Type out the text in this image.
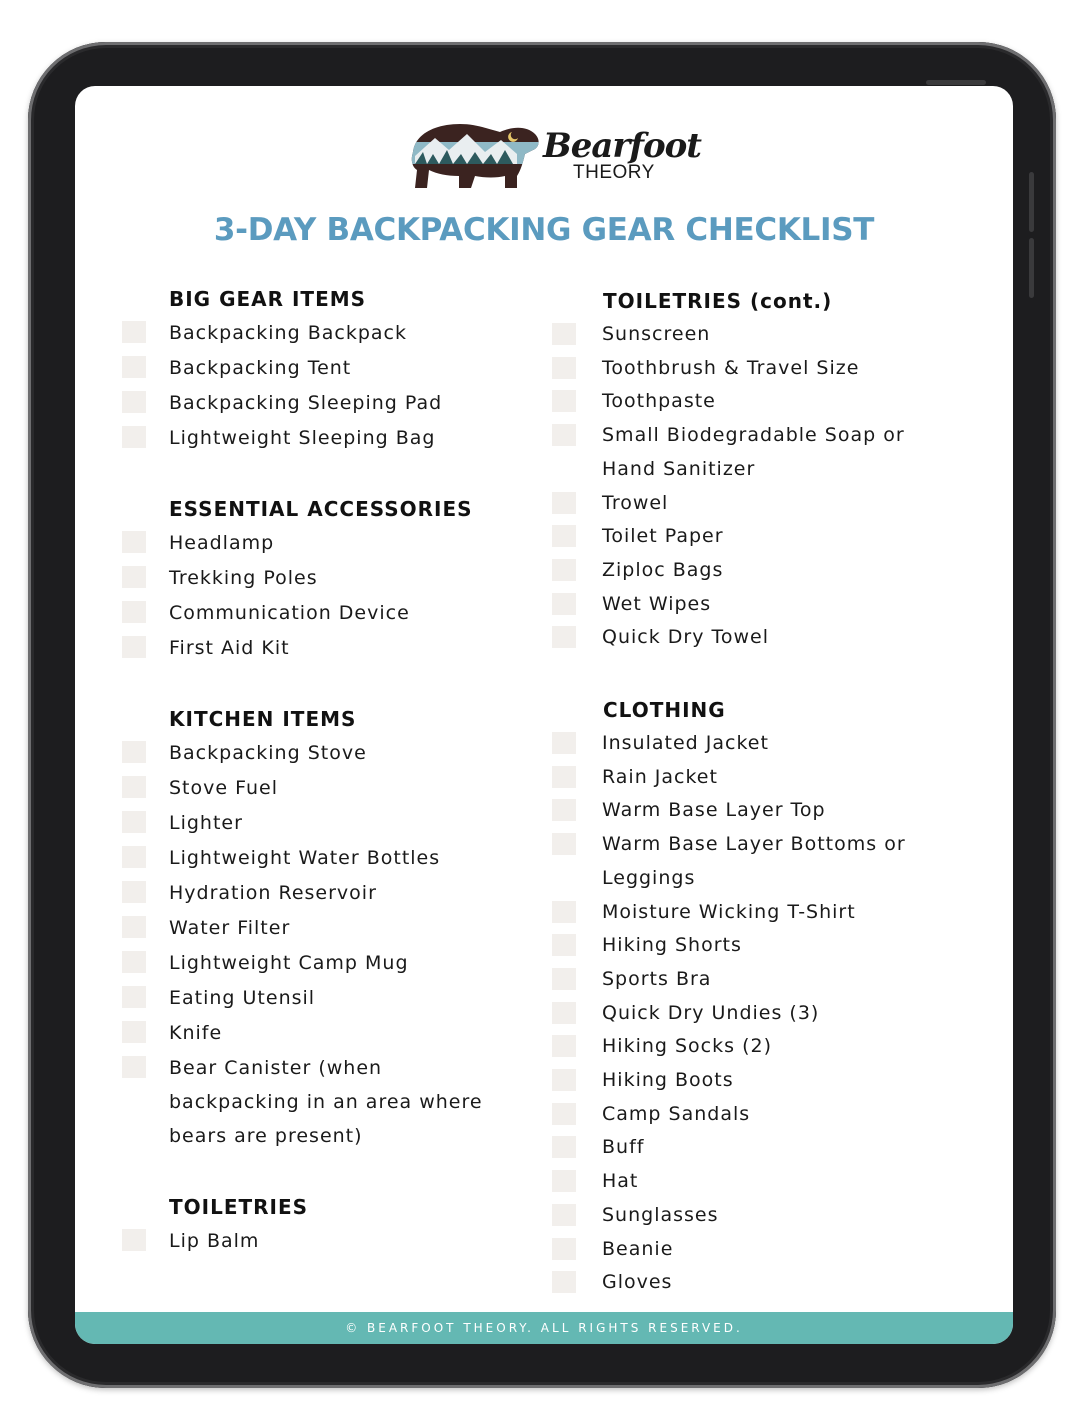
Bearfoot
THEORY
3-DAY BACKPACKING GEAR CHECKLIST
BIG GEAR ITEMS
Backpacking Backpack
Backpacking Tent
Backpacking Sleeping Pad
Lightweight Sleeping Bag
ESSENTIAL ACCESSORIES
Headlamp
Trekking Poles
Communication Device
First Aid Kit
KITCHEN ITEMS
Backpacking Stove
Stove Fuel
Lighter
Lightweight Water Bottles
Hydration Reservoir
Water Filter
Lightweight Camp Mug
Eating Utensil
Knife
Bear Canister (when backpacking in an area where bears are present)
TOILETRIES
Lip Balm
TOILETRIES (cont.)
Sunscreen
Toothbrush & Travel Size
Toothpaste
Small Biodegradable Soap or Hand Sanitizer
Trowel
Toilet Paper
Ziploc Bags
Wet Wipes
Quick Dry Towel
CLOTHING
Insulated Jacket
Rain Jacket
Warm Base Layer Top
Warm Base Layer Bottoms or Leggings
Moisture Wicking T-Shirt
Hiking Shorts
Sports Bra
Quick Dry Undies (3)
Hiking Socks (2)
Hiking Boots
Camp Sandals
Buff
Hat
Sunglasses
Beanie
Gloves
© BEARFOOT THEORY. ALL RIGHTS RESERVED.
